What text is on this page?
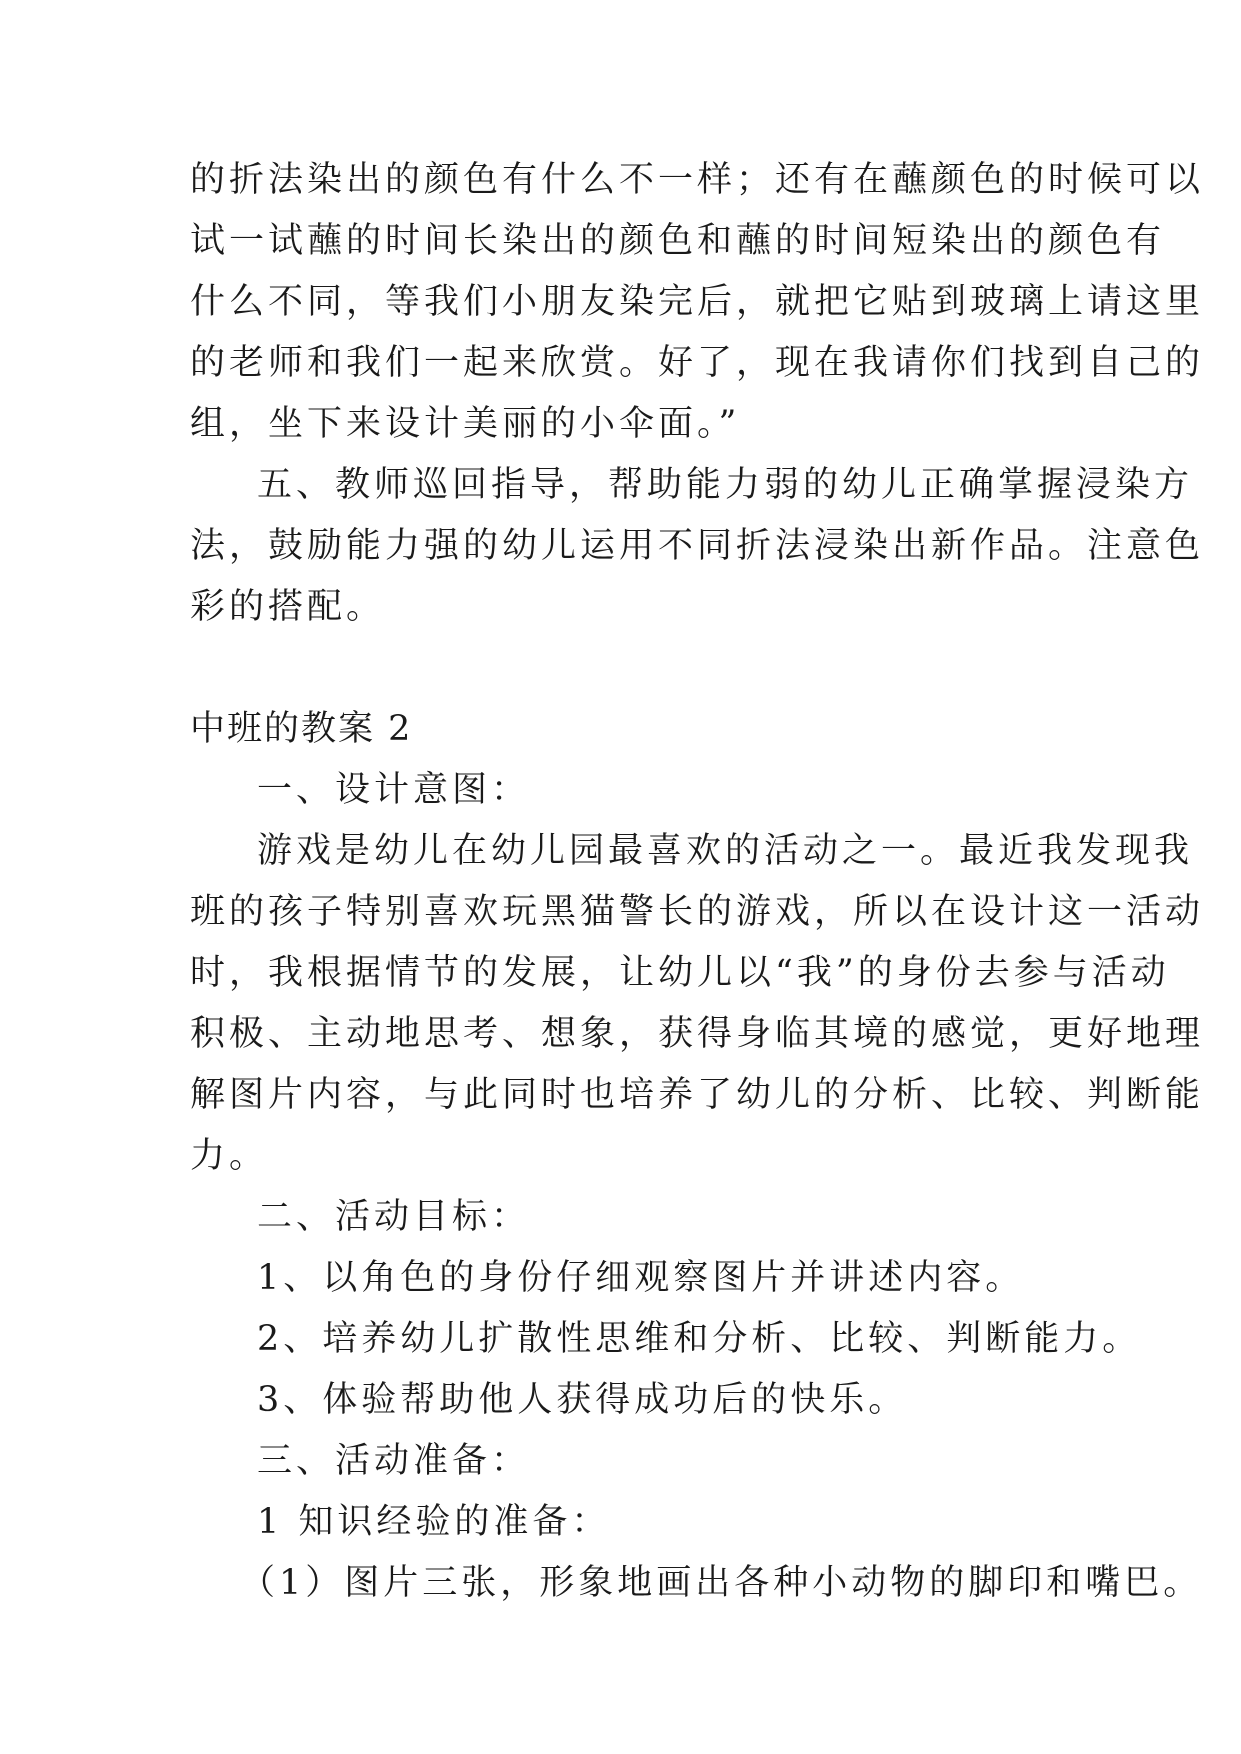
的折法染出的颜色有什么不一样；还有在蘸颜色的时候可以
试一试蘸的时间长染出的颜色和蘸的时间短染出的颜色有
什么不同，等我们小朋友染完后，就把它贴到玻璃上请这里
的老师和我们一起来欣赏。好了，现在我请你们找到自己的
组，坐下来设计美丽的小伞面。”
五、教师巡回指导，帮助能力弱的幼儿正确掌握浸染方
法，鼓励能力强的幼儿运用不同折法浸染出新作品。注意色
彩的搭配。
中班的教案 2
一、设计意图：
游戏是幼儿在幼儿园最喜欢的活动之一。最近我发现我
班的孩子特别喜欢玩黑猫警长的游戏，所以在设计这一活动
时，我根据情节的发展，让幼儿以“我”的身份去参与活动
积极、主动地思考、想象，获得身临其境的感觉，更好地理
解图片内容，与此同时也培养了幼儿的分析、比较、判断能
力。
二、活动目标：
1、以角色的身份仔细观察图片并讲述内容。
2、培养幼儿扩散性思维和分析、比较、判断能力。
3、体验帮助他人获得成功后的快乐。
三、活动准备：
1 知识经验的准备：
（1）图片三张，形象地画出各种小动物的脚印和嘴巴。
